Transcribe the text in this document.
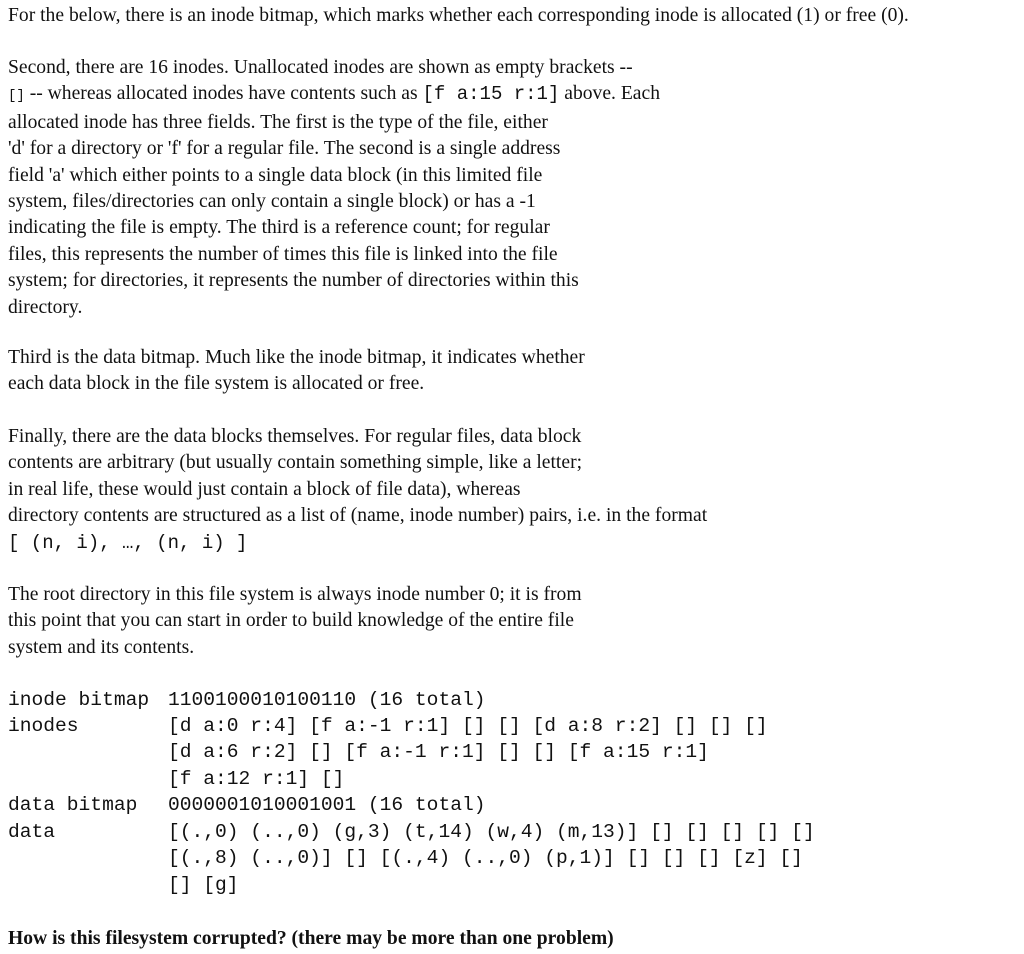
For the below, there is an inode bitmap, which marks whether each corresponding inode is allocated (1) or free (0).

Second, there are 16 inodes. Unallocated inodes are shown as empty brackets --
[] -- whereas allocated inodes have contents such as [f a:15 r:1] above. Each
allocated inode has three fields. The first is the type of the file, either
'd' for a directory or 'f' for a regular file. The second is a single address
field 'a' which either points to a single data block (in this limited file
system, files/directories can only contain a single block) or has a -1
indicating the file is empty. The third is a reference count; for regular
files, this represents the number of times this file is linked into the file
system; for directories, it represents the number of directories within this
directory.

Third is the data bitmap. Much like the inode bitmap, it indicates whether
each data block in the file system is allocated or free.

Finally, there are the data blocks themselves. For regular files, data block
contents are arbitrary (but usually contain something simple, like a letter;
in real life, these would just contain a block of file data), whereas
directory contents are structured as a list of (name, inode number) pairs, i.e. in the format
[ (n, i), …, (n, i) ]

The root directory in this file system is always inode number 0; it is from
this point that you can start in order to build knowledge of the entire file
system and its contents.

inode bitmap 1100100010100110 (16 total)
inodes	[d a:0 r:4] [f a:-1 r:1] [] [] [d a:8 r:2] [] [] []
[d a:6 r:2] [] [f a:-1 r:1] [] [] [f a:15 r:1]
[f a:12 r:1] []
data bitmap 0000001010001001 (16 total)
data	[(.,0) (..,0) (g,3) (t,14) (w,4) (m,13)] [] [] [] [] []
[(.,8) (..,0)] [] [(.,4) (..,0) (p,1)] [] [] [] [z] []
[] [g]

How is this filesystem corrupted? (there may be more than one problem)
